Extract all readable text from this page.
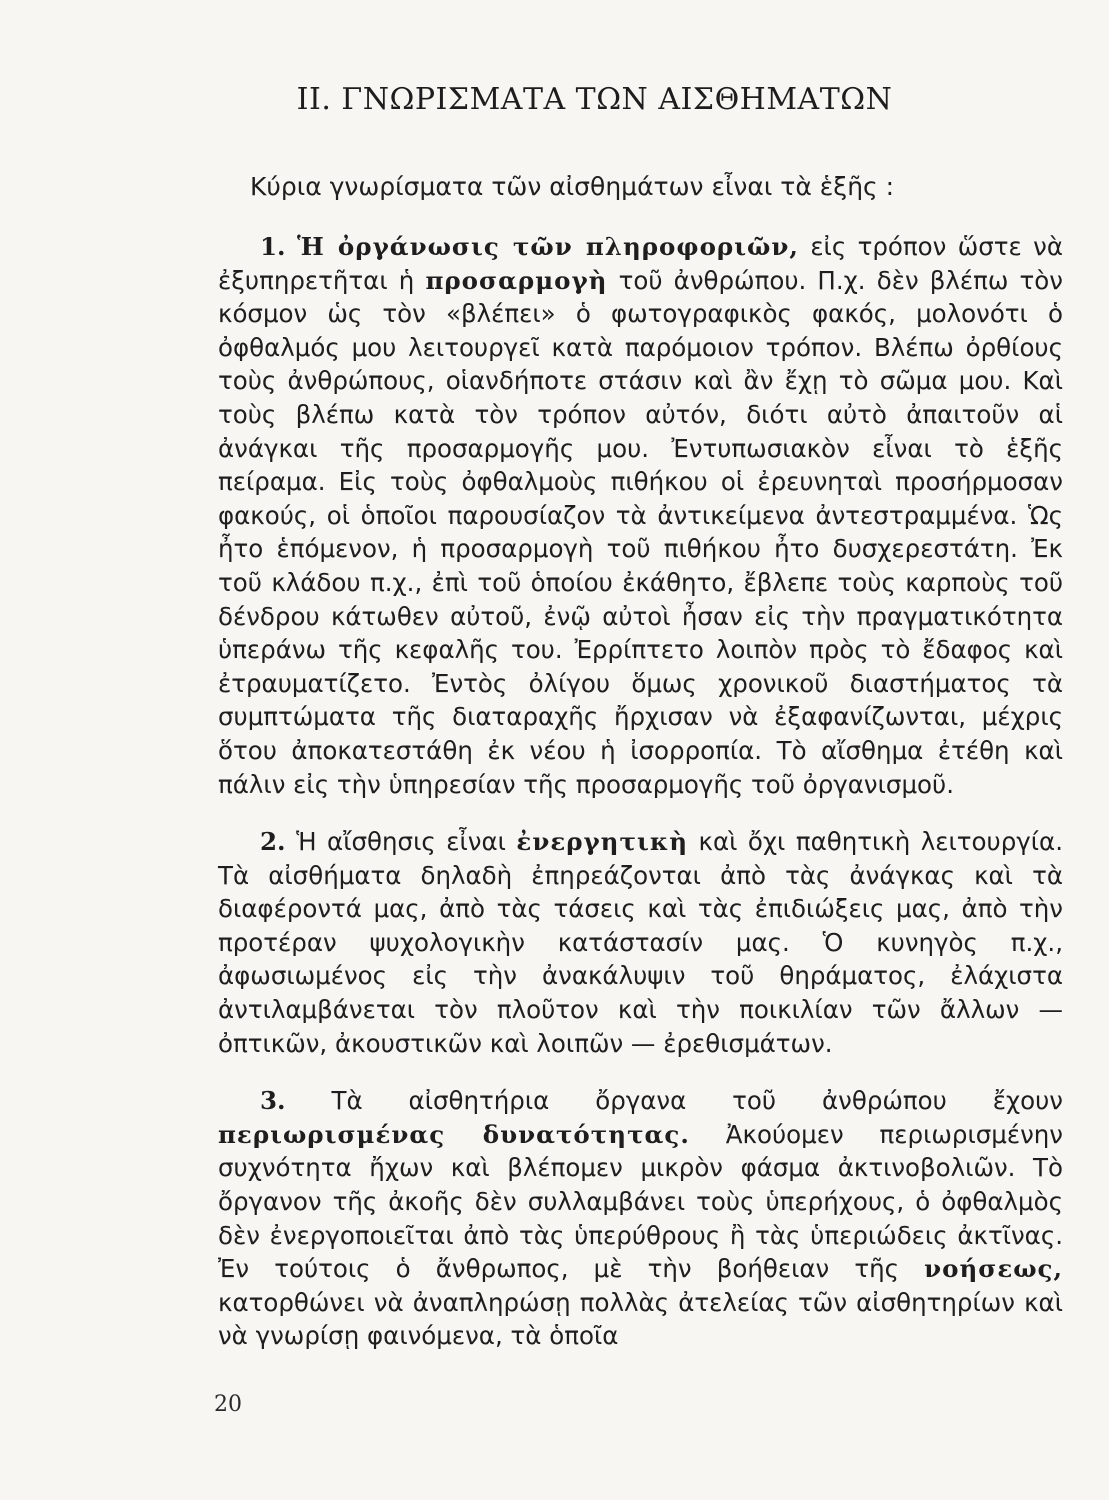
II. ΓΝΩΡΙΣΜΑΤΑ ΤΩΝ ΑΙΣΘΗΜΑΤΩΝ
Κύρια γνωρίσματα τῶν αἰσθημάτων εἶναι τὰ ἑξῆς :

1. Ἡ ὀργάνωσις τῶν πληροφοριῶν, εἰς τρόπον ὥστε νὰ ἐξυπηρετῆται ἡ προσαρμογὴ τοῦ ἀνθρώπου. Π.χ. δὲν βλέπω τὸν κόσμον ὡς τὸν «βλέπει» ὁ φωτογραφικὸς φακός, μολονότι ὁ ὀφθαλμός μου λειτουργεῖ κατὰ παρόμοιον τρόπον. Βλέπω ὀρθίους τοὺς ἀνθρώπους, οἱανδήποτε στάσιν καὶ ἂν ἔχῃ τὸ σῶμα μου. Καὶ τοὺς βλέπω κατὰ τὸν τρόπον αὐτόν, διότι αὐτὸ ἀπαιτοῦν αἱ ἀνάγκαι τῆς προσαρμογῆς μου. Ἐντυπωσιακὸν εἶναι τὸ ἑξῆς πείραμα. Εἰς τοὺς ὀφθαλμοὺς πιθήκου οἱ ἐρευνηταὶ προσήρμοσαν φακούς, οἱ ὁποῖοι παρουσίαζον τὰ ἀντικείμενα ἀντεστραμμένα. Ὡς ἦτο ἑπόμενον, ἡ προσαρμογὴ τοῦ πιθήκου ἦτο δυσχερεστάτη. Ἐκ τοῦ κλάδου π.χ., ἐπὶ τοῦ ὁποίου ἐκάθητο, ἔβλεπε τοὺς καρποὺς τοῦ δένδρου κάτωθεν αὐτοῦ, ἐνῷ αὐτοὶ ἦσαν εἰς τὴν πραγματικότητα ὑπεράνω τῆς κεφαλῆς του. Ἐρρίπτετο λοιπὸν πρὸς τὸ ἔδαφος καὶ ἐτραυματίζετο. Ἐντὸς ὀλίγου ὅμως χρονικοῦ διαστήματος τὰ συμπτώματα τῆς διαταραχῆς ἤρχισαν νὰ ἐξαφανίζωνται, μέχρις ὅτου ἀποκατεστάθη ἐκ νέου ἡ ἰσορροπία. Τὸ αἴσθημα ἐτέθη καὶ πάλιν εἰς τὴν ὑπηρεσίαν τῆς προσαρμογῆς τοῦ ὀργανισμοῦ.

2. Ἡ αἴσθησις εἶναι ἐνεργητικὴ καὶ ὄχι παθητικὴ λειτουργία. Τὰ αἰσθήματα δηλαδὴ ἐπηρεάζονται ἀπὸ τὰς ἀνάγκας καὶ τὰ διαφέροντά μας, ἀπὸ τὰς τάσεις καὶ τὰς ἐπιδιώξεις μας, ἀπὸ τὴν προτέραν ψυχολογικὴν κατάστασίν μας. Ὁ κυνηγὸς π.χ., ἀφωσιωμένος εἰς τὴν ἀνακάλυψιν τοῦ θηράματος, ἐλάχιστα ἀντιλαμβάνεται τὸν πλοῦτον καὶ τὴν ποικιλίαν τῶν ἄλλων — ὀπτικῶν, ἀκουστικῶν καὶ λοιπῶν — ἐρεθισμάτων.

3. Τὰ αἰσθητήρια ὄργανα τοῦ ἀνθρώπου ἔχουν περιωρισμένας δυνατότητας. Ἀκούομεν περιωρισμένην συχνότητα ἤχων καὶ βλέπομεν μικρὸν φάσμα ἀκτινοβολιῶν. Τὸ ὄργανον τῆς ἀκοῆς δὲν συλλαμβάνει τοὺς ὑπερήχους, ὁ ὀφθαλμὸς δὲν ἐνεργοποιεῖται ἀπὸ τὰς ὑπερύθρους ἢ τὰς ὑπεριώδεις ἀκτῖνας. Ἐν τούτοις ὁ ἄνθρωπος, μὲ τὴν βοήθειαν τῆς νοήσεως, κατορθώνει νὰ ἀναπληρώσῃ πολλὰς ἀτελείας τῶν αἰσθητηρίων καὶ νὰ γνωρίσῃ φαινόμενα, τὰ ὁποῖα

20
